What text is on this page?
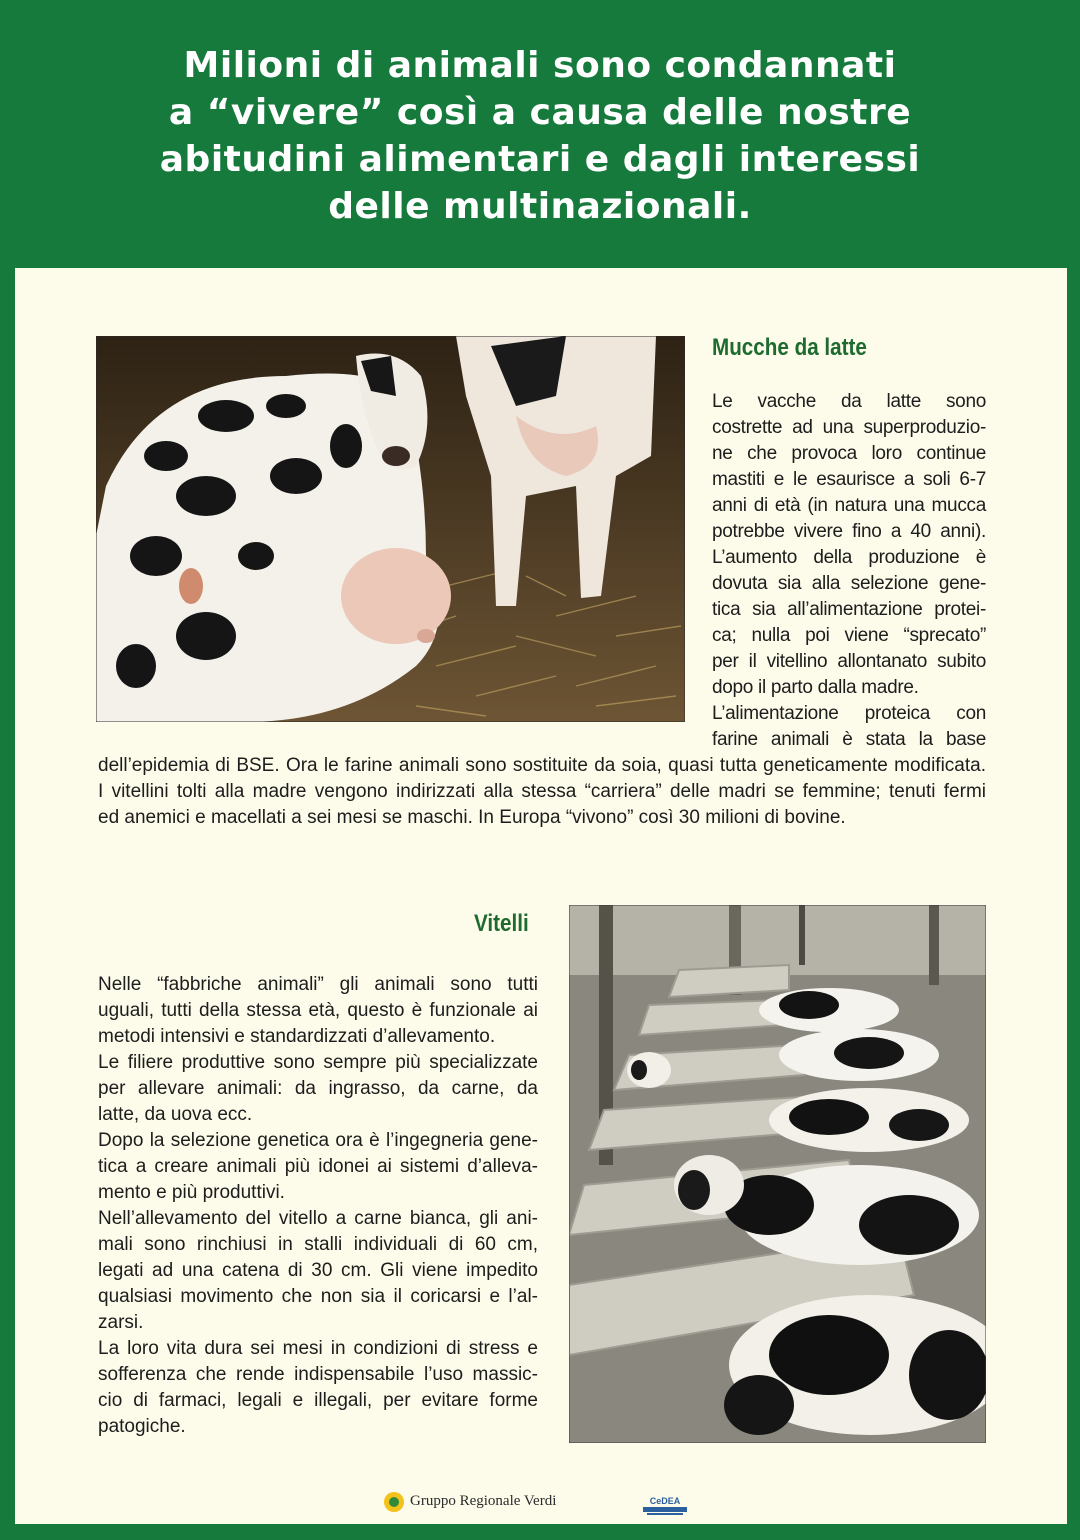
Milioni di animali sono condannati
a “vivere” così a causa delle nostre
abitudini alimentari e dagli interessi
delle multinazionali.
Mucche da latte
Le vacche da latte sono
costrette ad una superproduzio-
ne che provoca loro continue
mastiti e le esaurisce a soli 6-7
anni di età (in natura una mucca
potrebbe vivere fino a 40 anni).
L’aumento della produzione è
dovuta sia alla selezione gene-
tica sia all’alimentazione protei-
ca; nulla poi viene “sprecato”
per il vitellino allontanato subito
dopo il parto dalla madre.
L’alimentazione proteica con
farine animali è stata la base
dell’epidemia di BSE. Ora le farine animali sono sostituite da soia, quasi tutta geneticamente modificata.
I vitellini tolti alla madre vengono indirizzati alla stessa “carriera” delle madri se femmine; tenuti fermi
ed anemici e macellati a sei mesi se maschi. In Europa “vivono” così 30 milioni di bovine.
Vitelli
Nelle “fabbriche animali” gli animali sono tutti
uguali, tutti della stessa età, questo è funzionale ai
metodi intensivi e standardizzati d’allevamento.
Le filiere produttive sono sempre più specializzate
per allevare animali: da ingrasso, da carne, da
latte, da uova ecc.
Dopo la selezione genetica ora è l’ingegneria gene-
tica a creare animali più idonei ai sistemi d’alleva-
mento e più produttivi.
Nell’allevamento del vitello a carne bianca, gli ani-
mali sono rinchiusi in stalli individuali di 60 cm,
legati ad una catena di 30 cm. Gli viene impedito
qualsiasi movimento che non sia il coricarsi e l’al-
zarsi.
La loro vita dura sei mesi in condizioni di stress e
sofferenza che rende indispensabile l’uso massic-
cio di farmaci, legali e illegali, per evitare forme
patogiche.
Gruppo Regionale Verdi	CeDEA
